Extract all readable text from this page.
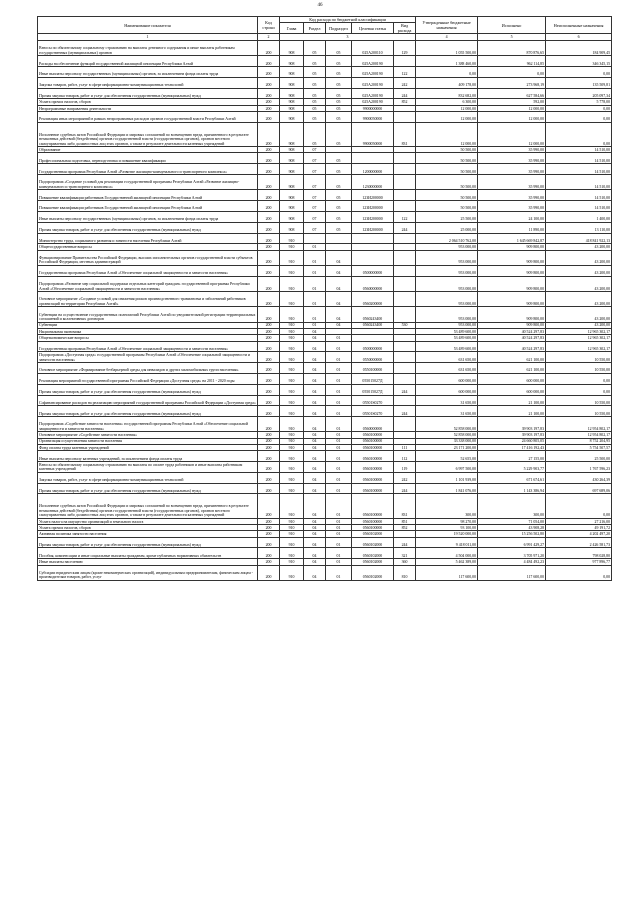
46
Наименование показателя	Код строки	Код расхода по бюджетной классификации					Утвержденные бюджетные назначения	Исполнено	Неисполненные назначения
		Глава	Раздел	Подраздел	Целевая статья	Вид расхода			
1	2	3					4	5	6
Взносы по обязательному социальному страхованию на выплаты денежного содержания и иные выплаты работникам государственных (муниципальных) органов	200	908	05	05	025A200110	129	1 055 500,00	870 876,65	184 909,45
Расходы на обеспечение функций государственной жилищной инспекции Республики Алтай	200	908	05	05	025A200190		1 388 460,00	962 114,85	346 345,15
Иные выплаты персоналу государственных (муниципальных) органов, за исключением фонда оплаты труда	200	908	05	05	025A200190	122	0,00	0,00	0,00
Закупка товаров, работ, услуг в сфере информационно-коммуникационных технологий	200	908	05	05	025A200190	242	409 178,00	273 968,19	135 509,81
Прочая закупка товаров, работ и услуг для обеспечения государственных (муниципальных) нужд	200	908	05	05	025A200190	244	832 682,00	627 584,66	205 097,34
Уплата прочих налогов, сборов	200	908	05	05	025A200190	852	6 300,00	592,00	5 778,00
Непрограммные направления деятельности	200	908	05	05	9900000000		12 000,00	12 000,00	0,00
Реализация иных мероприятий в рамках непрограммных расходов органов государственной власти Республики Алтай	200	908	05	05	9900050000		12 000,00	12 000,00	0,00
Исполнение судебных актов Российской Федерации и мировых соглашений по возмещению вреда, причиненного в результате незаконных действий (бездействия) органов государственной власти (государственных органов), органов местного самоуправления либо должностных лиц этих органов, а также в результате деятельности казенных учреждений	200	908	05	05	9900050000	831	12 000,00	12 000,00	0,00
Образование	200	908	07				50 500,00	35 990,00	14 510,00
Профессиональная подготовка, переподготовка и повышение квалификации	200	908	07	05			50 500,00	35 990,00	14 510,00
Государственная программа Республики Алтай «Развитие жилищно-коммунального и транспортного комплекса»	200	908	07	05	1200000000		50 500,00	35 990,00	14 510,00
Подпрограмма «Создание условий для реализации государственной программы Республики Алтай «Развитие жилищно-коммунального и транспортного комплекса»	200	908	07	05	1230000000		50 500,00	35 990,00	14 510,00
Повышение квалификации работников Государственной жилищной инспекции Республики Алтай	200	908	07	05	123И200000		50 500,00	35 990,00	14 510,00
Повышение квалификации работников Государственной жилищной инспекции Республики Алтай	200	908	07	05	123И200000		50 500,00	35 990,00	14 510,00
Иные выплаты персоналу государственных (муниципальных) органов, за исключением фонда оплаты труда	200	908	07	05	123И200000	122	25 500,00	24 100,00	1 400,00
Прочая закупка товаров, работ и услуг для обеспечения государственных (муниципальных) нужд	200	908	07	05	123И200000	244	25 000,00	11 890,00	13 110,00
Министерство труда, социального развития и занятости населения Республики Алтай	200	910					2 064 510 762,00	1 645 669 842,87	418 841 922,13
Общегосударственные вопросы	200	910	01				953 000,00	909 800,00	43 200,00
Функционирование Правительства Российской Федерации, высших исполнительных органов государственной власти субъектов Российской Федерации, местных администраций	200	910	01	04			953 000,00	909 800,00	43 200,00
Государственная программа Республики Алтай «Обеспечение социальной защищенности и занятости населения»	200	910	01	04	0500000000		953 000,00	909 800,00	43 200,00
Подпрограмма «Развитие мер социальной поддержки отдельных категорий граждан» государственной программы Республики Алтай «Обеспечение социальной защищенности и занятости населения»	200	910	01	04	0560000000		953 000,00	909 800,00	43 200,00
Основное мероприятие «Создание условий для снижения рисков производственного травматизма и заболеваний работников организаций на территории Республики Алтай»	200	910	01	04	0560200000		953 000,00	909 800,00	43 200,00
Субвенции на осуществление государственных полномочий Республики Алтай по уведомительной регистрации территориальных соглашений и коллективных договоров	200	910	01	04	0560243400		953 000,00	909 800,00	43 200,00
Субвенции	200	910	01	04	0560243400	530	953 000,00	909 800,00	43 200,00
Национальная экономика	200	910	04				53 489 600,00	40 524 297,83	12 965 302,17
Общеэкономические вопросы	200	910	04	01			53 489 600,00	40 524 297,83	12 965 302,17
Государственная программа Республики Алтай «Обеспечение социальной защищенности и занятости населения»	200	910	04	01	0500000000		53 489 600,00	40 524 297,83	12 965 302,17
Подпрограмма «Доступная среда» государственной программы Республики Алтай «Обеспечение социальной защищенности и занятости населения»	200	910	04	01	0550000000		631 650,00	621 100,00	10 550,00
Основное мероприятие «Формирование безбарьерной среды для инвалидов и других маломобильных групп населения»	200	910	04	01	0550100000		631 650,00	621 100,00	10 550,00
Реализация мероприятий государственной программы Российской Федерации «Доступная среда» на 2011 - 2020 годы	200	910	04	01	055015027Д		600 000,00	600 000,00	0,00
Прочая закупка товаров, работ и услуг для обеспечения государственных (муниципальных) нужд	200	910	04	01	055015027Д	244	600 000,00	600 000,00	0,00
Софинансирование расходов на реализацию мероприятий государственной программы Российской Федерации «Доступная среда»	200	910	04	01	05501S0270		31 650,00	21 100,00	10 550,00
Прочая закупка товаров, работ и услуг для обеспечения государственных (муниципальных) нужд	200	910	04	01	05501S0270	244	31 650,00	21 100,00	10 550,00
Подпрограмма «Содействие занятости населения» государственной программы Республики Алтай «Обеспечение социальной защищенности и занятости населения»	200	910	04	01	0560000000		52 858 000,00	39 903 197,83	12 954 802,17
Основное мероприятие «Содействие занятости населения»	200	910	04	01	0560100000		52 858 000,00	39 903 197,83	12 954 802,17
Организация осуществления занятости населения	200	910	04	01	0560100000		33 338 000,00	24 660 805,05	8 752 204,95
Фонд оплаты труда казенных учреждений	200	910	04	01	0560100000	111	23 171 200,00	17 416 192,43	5 754 507,57
Иные выплаты персоналу казенных учреждений, за исключением фонда оплаты труда	200	910	04	01	0560100000	112	52 655,00	27 155,00	25 500,00
Взносы по обязательному социальному страхованию на выплаты по оплате труда работников и иные выплаты работникам казенных учреждений	200	910	04	01	0560100000	119	6 997 500,00	5 229 903,77	1 767 596,23
Закупка товаров, работ, услуг в сфере информационно-коммуникационных технологий	200	910	04	01	0560100000	242	1 101 939,00	671 674,61	430 264,39
Прочая закупка товаров, работ и услуг для обеспечения государственных (муниципальных) нужд	200	910	04	01	0560100000	244	1 841 076,00	1 143 386,94	697 689,06
Исполнение судебных актов Российской Федерации и мировых соглашений по возмещению вреда, причиненного в результате незаконных действий (бездействия) органов государственной власти (государственных органов), органов местного самоуправления либо должностных лиц этих органов, а также в результате деятельности казенных учреждений	200	910	04	01	0560100000	831	300,00	300,00	0,00
Уплата налога на имущество организаций и земельного налога	200	910	04	01	0560100000	851	98 270,00	71 054,00	27 216,00
Уплата прочих налогов, сборов	200	910	04	01	0560100000	852	93 100,00	43 908,28	49 191,72
Активная политика занятости населения	200	910	04	01	0560102000		19 520 000,00	15 256 502,80	4 202 497,20
Прочая закупка товаров, работ и услуг для обеспечения государственных (муниципальных) нужд	200	910	04	01	0560102000	244	9 418 011,00	6 991 429,27	2 426 581,73
Пособия, компенсации и иные социальные выплаты гражданам, кроме публичных нормативных обязательств	200	910	04	01	0560102000	321	4 504 000,00	3 705 971,20	798 028,80
Иные выплаты населению	200	910	04	01	0560102000	360	5 462 389,00	4 484 492,23	977 896,77
Субсидии юридическим лицам (кроме некоммерческих организаций), индивидуальным предпринимателям, физическим лицам - производителям товаров, работ, услуг	200	910	04	01	0560102000	810	117 600,00	117 600,00	0,00
